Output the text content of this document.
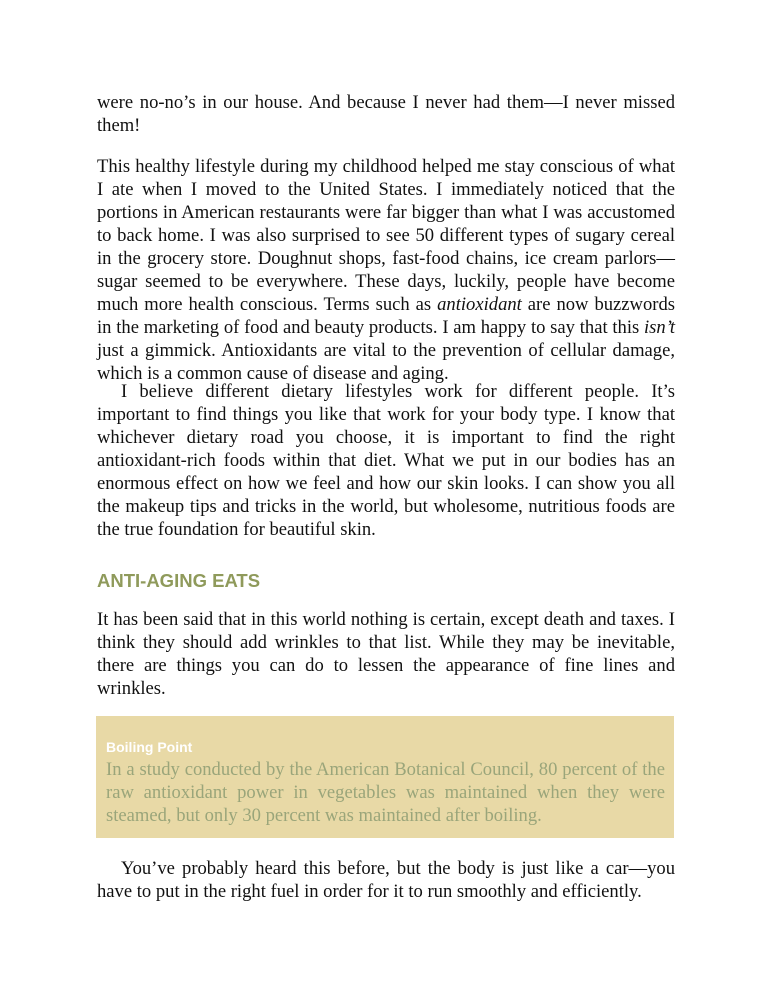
were no-no’s in our house. And because I never had them—I never missed them!

This healthy lifestyle during my childhood helped me stay conscious of what I ate when I moved to the United States. I immediately noticed that the portions in American restaurants were far bigger than what I was accustomed to back home. I was also surprised to see 50 different types of sugary cereal in the grocery store. Doughnut shops, fast-food chains, ice cream parlors—sugar seemed to be everywhere. These days, luckily, people have become much more health conscious. Terms such as antioxidant are now buzzwords in the marketing of food and beauty products. I am happy to say that this isn’t just a gimmick. Antioxidants are vital to the prevention of cellular damage, which is a common cause of disease and aging.

I believe different dietary lifestyles work for different people. It’s important to find things you like that work for your body type. I know that whichever dietary road you choose, it is important to find the right antioxidant-rich foods within that diet. What we put in our bodies has an enormous effect on how we feel and how our skin looks. I can show you all the makeup tips and tricks in the world, but wholesome, nutritious foods are the true foundation for beautiful skin.

ANTI-AGING EATS

It has been said that in this world nothing is certain, except death and taxes. I think they should add wrinkles to that list. While they may be inevitable, there are things you can do to lessen the appearance of fine lines and wrinkles.

Boiling Point

In a study conducted by the American Botanical Council, 80 percent of the raw antioxidant power in vegetables was maintained when they were steamed, but only 30 percent was maintained after boiling.

You’ve probably heard this before, but the body is just like a car—you have to put in the right fuel in order for it to run smoothly and efficiently.
